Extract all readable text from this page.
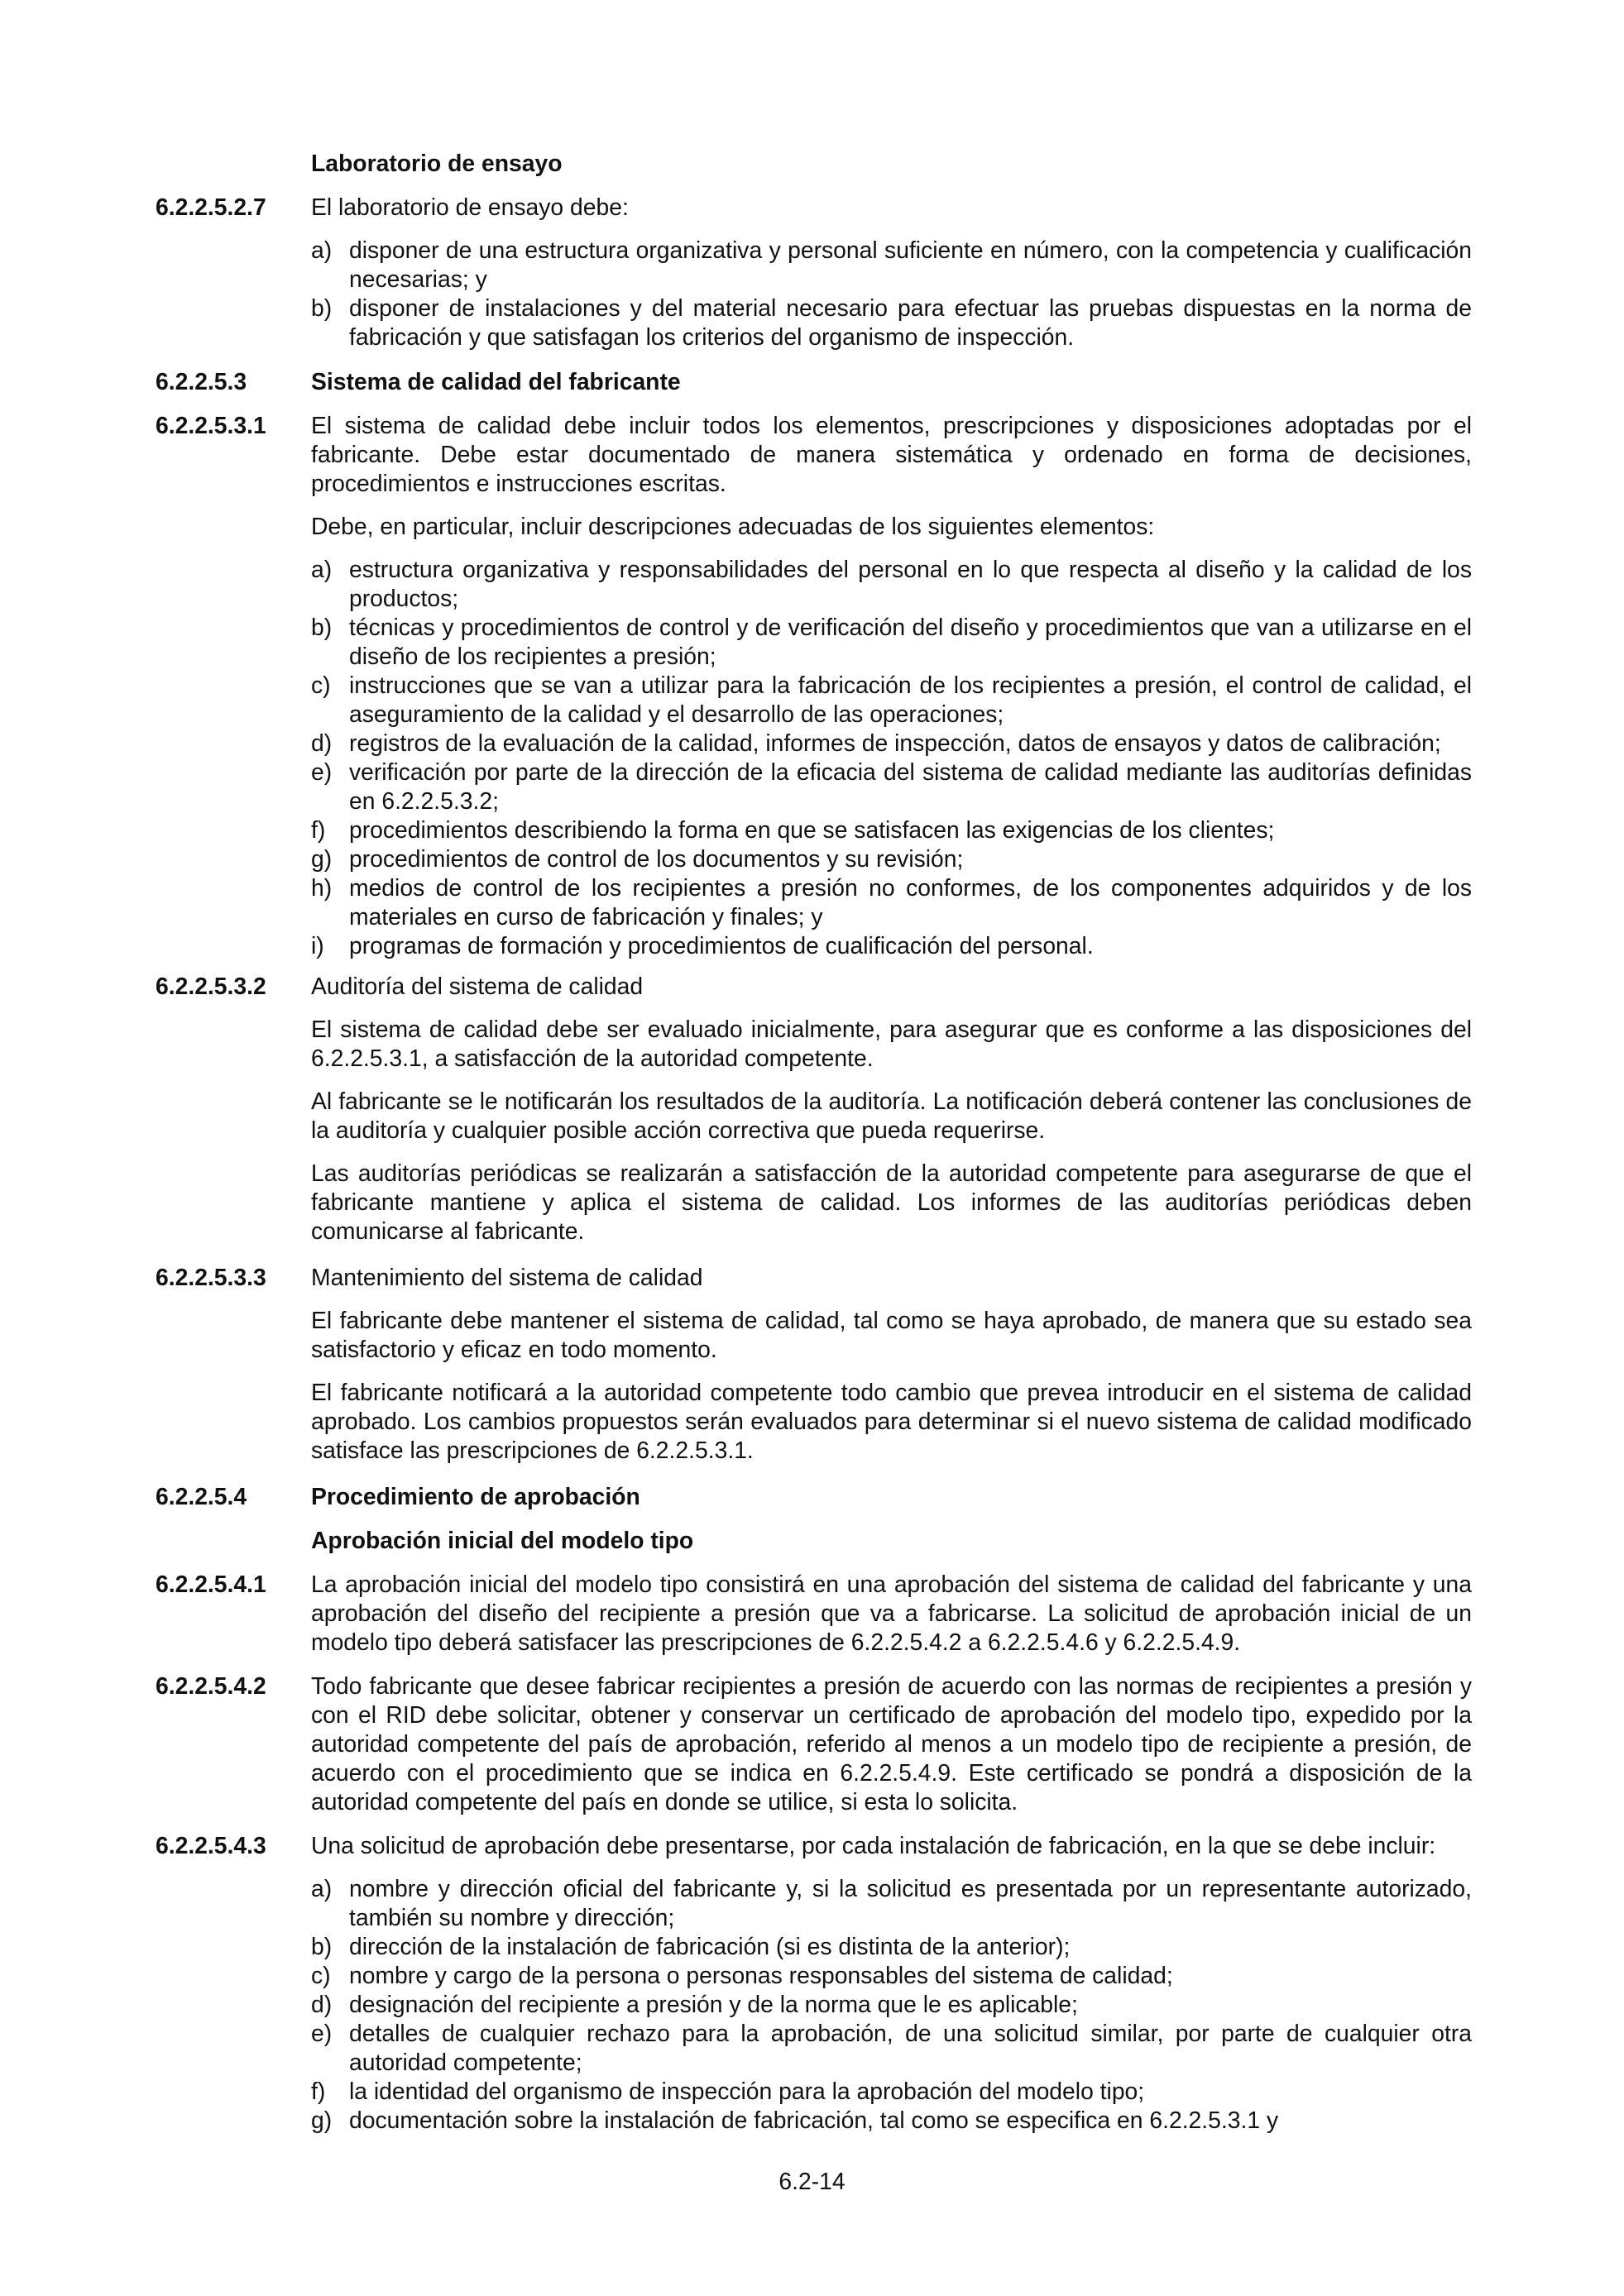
Laboratorio de ensayo
6.2.2.5.2.7	El laboratorio de ensayo debe:

a) disponer de una estructura organizativa y personal suficiente en número, con la competencia y cualificación necesarias; y
b) disponer de instalaciones y del material necesario para efectuar las pruebas dispuestas en la norma de fabricación y que satisfagan los criterios del organismo de inspección.
6.2.2.5.3	Sistema de calidad del fabricante
6.2.2.5.3.1	El sistema de calidad debe incluir todos los elementos, prescripciones y disposiciones adoptadas por el fabricante. Debe estar documentado de manera sistemática y ordenado en forma de decisiones, procedimientos e instrucciones escritas.

Debe, en particular, incluir descripciones adecuadas de los siguientes elementos:

a) estructura organizativa y responsabilidades del personal en lo que respecta al diseño y la calidad de los productos;
b) técnicas y procedimientos de control y de verificación del diseño y procedimientos que van a utilizarse en el diseño de los recipientes a presión;
c) instrucciones que se van a utilizar para la fabricación de los recipientes a presión, el control de calidad, el aseguramiento de la calidad y el desarrollo de las operaciones;
d) registros de la evaluación de la calidad, informes de inspección, datos de ensayos y datos de calibración;
e) verificación por parte de la dirección de la eficacia del sistema de calidad mediante las auditorías definidas en 6.2.2.5.3.2;
f) procedimientos describiendo la forma en que se satisfacen las exigencias de los clientes;
g) procedimientos de control de los documentos y su revisión;
h) medios de control de los recipientes a presión no conformes, de los componentes adquiridos y de los materiales en curso de fabricación y finales; y
i) programas de formación y procedimientos de cualificación del personal.
6.2.2.5.3.2	Auditoría del sistema de calidad

El sistema de calidad debe ser evaluado inicialmente, para asegurar que es conforme a las disposiciones del 6.2.2.5.3.1, a satisfacción de la autoridad competente.

Al fabricante se le notificarán los resultados de la auditoría. La notificación deberá contener las conclusiones de la auditoría y cualquier posible acción correctiva que pueda requerirse.

Las auditorías periódicas se realizarán a satisfacción de la autoridad competente para asegurarse de que el fabricante mantiene y aplica el sistema de calidad. Los informes de las auditorías periódicas deben comunicarse al fabricante.

6.2.2.5.3.3	Mantenimiento del sistema de calidad

El fabricante debe mantener el sistema de calidad, tal como se haya aprobado, de manera que su estado sea satisfactorio y eficaz en todo momento.

El fabricante notificará a la autoridad competente todo cambio que prevea introducir en el sistema de calidad aprobado. Los cambios propuestos serán evaluados para determinar si el nuevo sistema de calidad modificado satisface las prescripciones de 6.2.2.5.3.1.

6.2.2.5.4	Procedimiento de aprobación
Aprobación inicial del modelo tipo
6.2.2.5.4.1	La aprobación inicial del modelo tipo consistirá en una aprobación del sistema de calidad del fabricante y una aprobación del diseño del recipiente a presión que va a fabricarse. La solicitud de aprobación inicial de un modelo tipo deberá satisfacer las prescripciones de 6.2.2.5.4.2 a 6.2.2.5.4.6 y 6.2.2.5.4.9.
6.2.2.5.4.2	Todo fabricante que desee fabricar recipientes a presión de acuerdo con las normas de recipientes a presión y con el RID debe solicitar, obtener y conservar un certificado de aprobación del modelo tipo, expedido por la autoridad competente del país de aprobación, referido al menos a un modelo tipo de recipiente a presión, de acuerdo con el procedimiento que se indica en 6.2.2.5.4.9. Este certificado se pondrá a disposición de la autoridad competente del país en donde se utilice, si esta lo solicita.
6.2.2.5.4.3	Una solicitud de aprobación debe presentarse, por cada instalación de fabricación, en la que se debe incluir:

a) nombre y dirección oficial del fabricante y, si la solicitud es presentada por un representante autorizado, también su nombre y dirección;
b) dirección de la instalación de fabricación (si es distinta de la anterior);
c) nombre y cargo de la persona o personas responsables del sistema de calidad;
d) designación del recipiente a presión y de la norma que le es aplicable;
e) detalles de cualquier rechazo para la aprobación, de una solicitud similar, por parte de cualquier otra autoridad competente;
f) la identidad del organismo de inspección para la aprobación del modelo tipo;
g) documentación sobre la instalación de fabricación, tal como se especifica en 6.2.2.5.3.1 y
6.2-14
